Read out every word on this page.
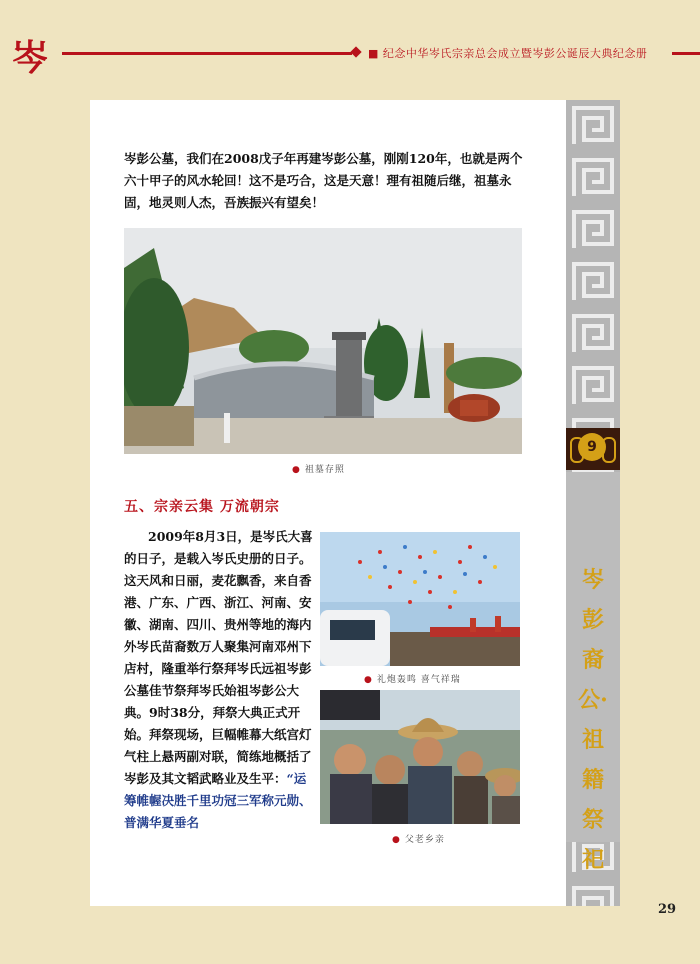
岑	■ 纪念中华岑氏宗亲总会成立暨岑彭公诞辰大典纪念册
9
岑彭裔公·祖籍祭祀

岑彭公墓，我们在2008戊子年再建岑彭公墓，刚刚120年，也就是两个六十甲子的风水轮回！这不是巧合，这是天意！理有祖随后继，祖墓永固，地灵则人杰，吾族振兴有望矣！

● 祖墓存照
五、宗亲云集 万流朝宗

2009年8月3日，是岑氏大喜的日子，是载入岑氏史册的日子。这天风和日丽，麦花飘香，来自香港、广东、广西、浙江、河南、安徽、湖南、四川、贵州等地的海内外岑氏苗裔数万人聚集河南邓州下店村，隆重举行祭拜岑氏远祖岑彭公墓佳节祭拜岑氏始祖岑彭公大典。9时38分，拜祭大典正式开始。拜祭现场，巨幅帷幕大纸宫灯气柱上悬两副对联，简练地概括了岑彭及其文韬武略业及生平：“运筹帷幄决胜千里功冠三军称元勋、普满华夏垂名

● 礼炮轰鸣 喜气祥瑞
● 父老乡亲
29
